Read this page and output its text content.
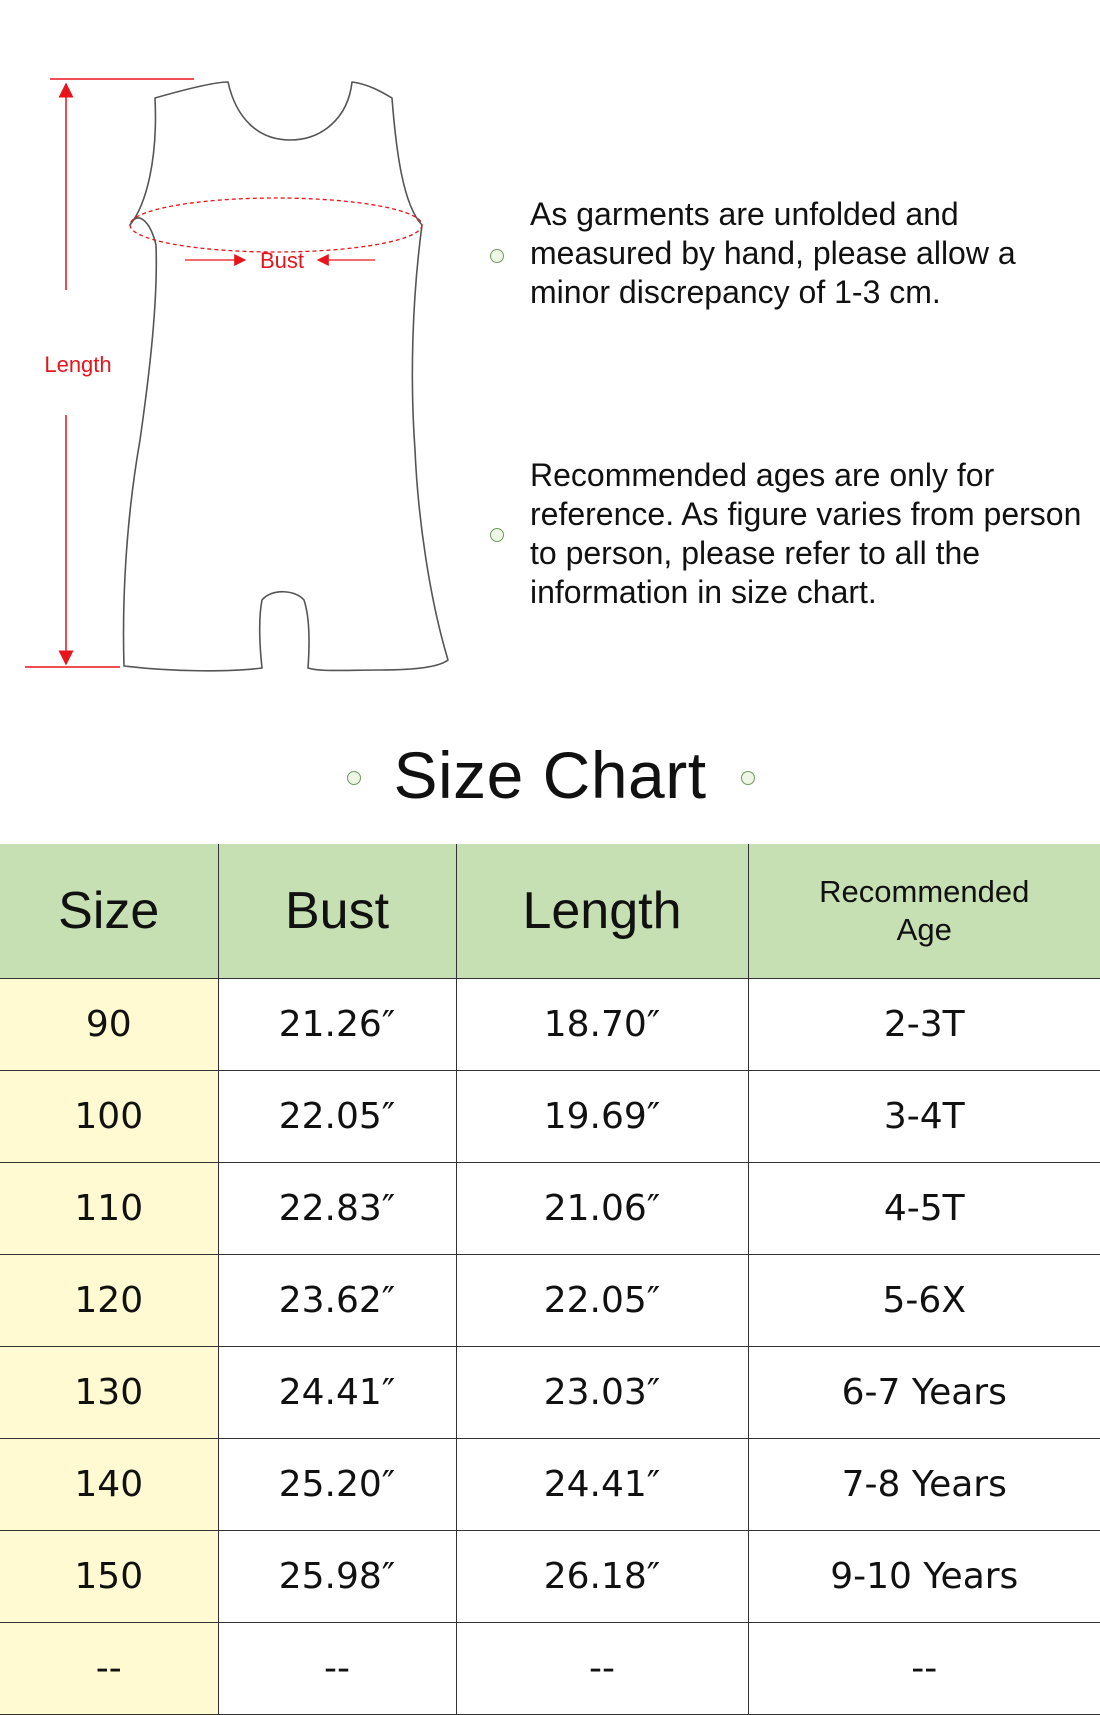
Length
Bust
As garments are unfolded and measured by hand, please allow a minor discrepancy of 1-3 cm.
Recommended ages are only for reference. As figure varies from person to person, please refer to all the information in size chart.
Size Chart
Size	Bust	Length	Recommended Age

90	21.26″	18.70″	2-3T
100	22.05″	19.69″	3-4T
110	22.83″	21.06″	4-5T
120	23.62″	22.05″	5-6X
130	24.41″	23.03″	6-7 Years
140	25.20″	24.41″	7-8 Years
150	25.98″	26.18″	9-10 Years
--	--	--	--
